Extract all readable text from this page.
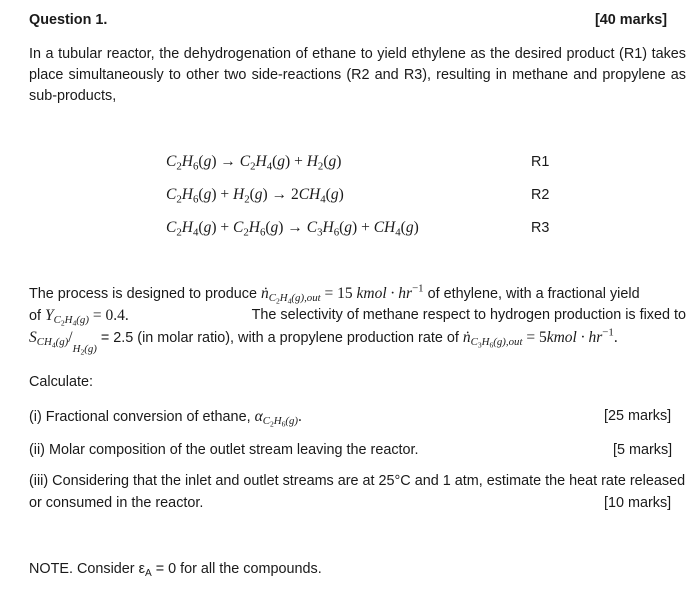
Question 1.	[40 marks]
In a tubular reactor, the dehydrogenation of ethane to yield ethylene as the desired product (R1) takes place simultaneously to other two side-reactions (R2 and R3), resulting in methane and propylene as sub-products,
$C_2H_6(g) \to C_2H_4(g) + H_2(g)$	R1
$C_2H_6(g) + H_2(g) \to 2CH_4(g)$	R2
$C_2H_4(g) + C_2H_6(g) \to C_3H_6(g) + CH_4(g)$	R3
The process is designed to produce ṅ$_{C_2H_4(g),out}$ = 15 kmol · $hr^{-1}$ of ethylene, with a fractional yield
of $Y_{C_2H_4(g)} = 0.4$.	The selectivity of methane respect to hydrogen production is fixed to
$S_{CH_4(g)}/_{H_2(g)} = 2.5$ (in molar ratio), with a propylene production rate of ṅ$_{C_3H_6(g),out}$ = 5kmol · $hr^{-1}$.
Calculate:
(i) Fractional conversion of ethane, $\alpha_{C_2H_6(g)}$.	[25 marks]
(ii) Molar composition of the outlet stream leaving the reactor.	[5 marks]
(iii) Considering that the inlet and outlet streams are at 25°C and 1 atm, estimate the heat rate released
or consumed in the reactor.	[10 marks]
NOTE. Consider $\varepsilon_A = 0$ for all the compounds.
